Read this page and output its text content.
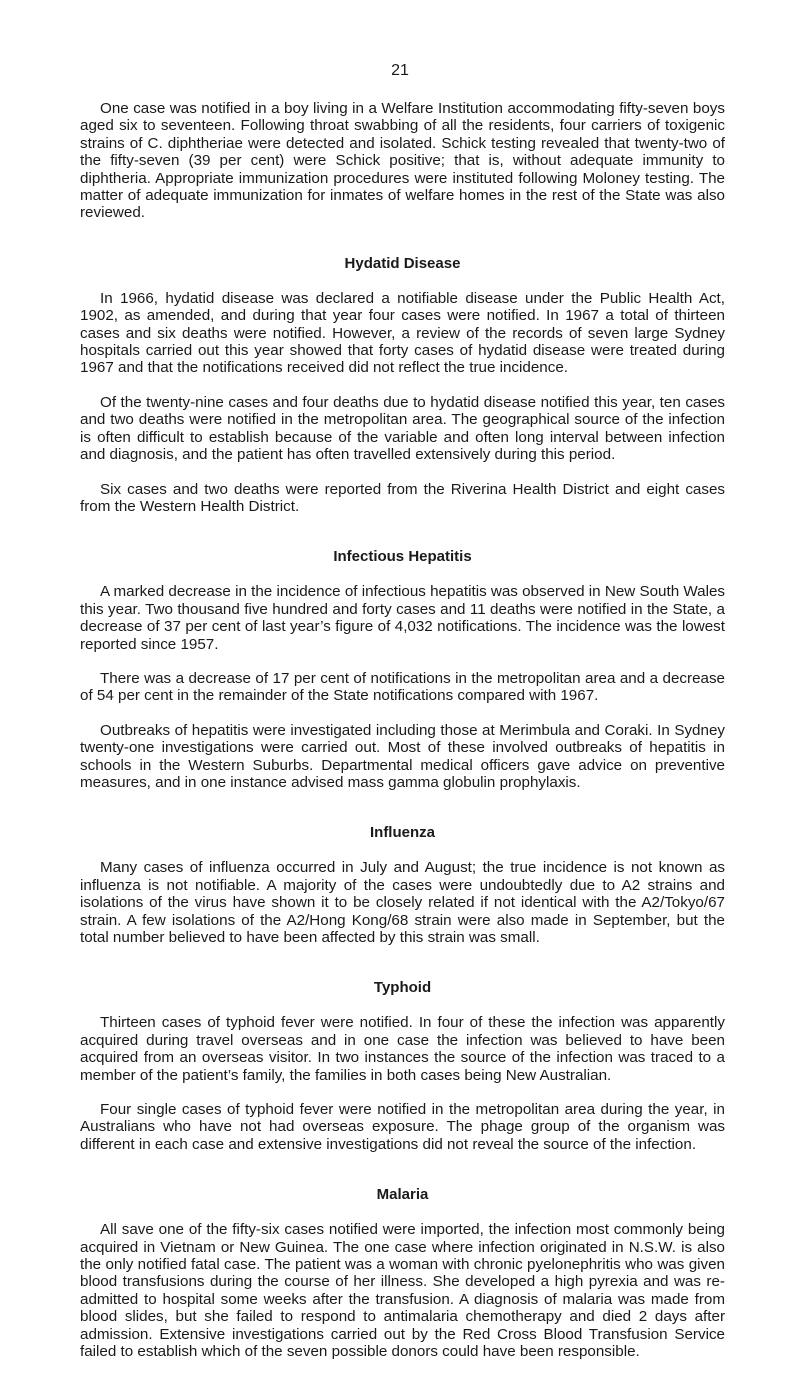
21

One case was notified in a boy living in a Welfare Institution accommodating fifty-seven boys aged six to seventeen. Following throat swabbing of all the residents, four carriers of toxigenic strains of C. diphtheriae were detected and isolated. Schick testing revealed that twenty-two of the fifty-seven (39 per cent) were Schick positive; that is, without adequate immunity to diphtheria. Appropriate immunization procedures were instituted following Moloney testing. The matter of adequate immunization for inmates of welfare homes in the rest of the State was also reviewed.

Hydatid Disease

In 1966, hydatid disease was declared a notifiable disease under the Public Health Act, 1902, as amended, and during that year four cases were notified. In 1967 a total of thirteen cases and six deaths were notified. However, a review of the records of seven large Sydney hospitals carried out this year showed that forty cases of hydatid disease were treated during 1967 and that the notifications received did not reflect the true incidence.

Of the twenty-nine cases and four deaths due to hydatid disease notified this year, ten cases and two deaths were notified in the metropolitan area. The geographical source of the infection is often difficult to establish because of the variable and often long interval between infection and diagnosis, and the patient has often travelled extensively during this period.

Six cases and two deaths were reported from the Riverina Health District and eight cases from the Western Health District.

Infectious Hepatitis

A marked decrease in the incidence of infectious hepatitis was observed in New South Wales this year. Two thousand five hundred and forty cases and 11 deaths were notified in the State, a decrease of 37 per cent of last year’s figure of 4,032 notifications. The incidence was the lowest reported since 1957.

There was a decrease of 17 per cent of notifications in the metropolitan area and a decrease of 54 per cent in the remainder of the State notifications compared with 1967.

Outbreaks of hepatitis were investigated including those at Merimbula and Coraki. In Sydney twenty-one investigations were carried out. Most of these involved outbreaks of hepatitis in schools in the Western Suburbs. Departmental medical officers gave advice on preventive measures, and in one instance advised mass gamma globulin prophylaxis.

Influenza

Many cases of influenza occurred in July and August; the true incidence is not known as influenza is not notifiable. A majority of the cases were undoubtedly due to A2 strains and isolations of the virus have shown it to be closely related if not identical with the A2/Tokyo/67 strain. A few isolations of the A2/Hong Kong/68 strain were also made in September, but the total number believed to have been affected by this strain was small.

Typhoid

Thirteen cases of typhoid fever were notified. In four of these the infection was apparently acquired during travel overseas and in one case the infection was believed to have been acquired from an overseas visitor. In two instances the source of the infection was traced to a member of the patient’s family, the families in both cases being New Australian.

Four single cases of typhoid fever were notified in the metropolitan area during the year, in Australians who have not had overseas exposure. The phage group of the organism was different in each case and extensive investigations did not reveal the source of the infection.

Malaria

All save one of the fifty-six cases notified were imported, the infection most commonly being acquired in Vietnam or New Guinea. The one case where infection originated in N.S.W. is also the only notified fatal case. The patient was a woman with chronic pyelonephritis who was given blood transfusions during the course of her illness. She developed a high pyrexia and was re-admitted to hospital some weeks after the transfusion. A diagnosis of malaria was made from blood slides, but she failed to respond to antimalaria chemotherapy and died 2 days after admission. Extensive investigations carried out by the Red Cross Blood Transfusion Service failed to establish which of the seven possible donors could have been responsible.
